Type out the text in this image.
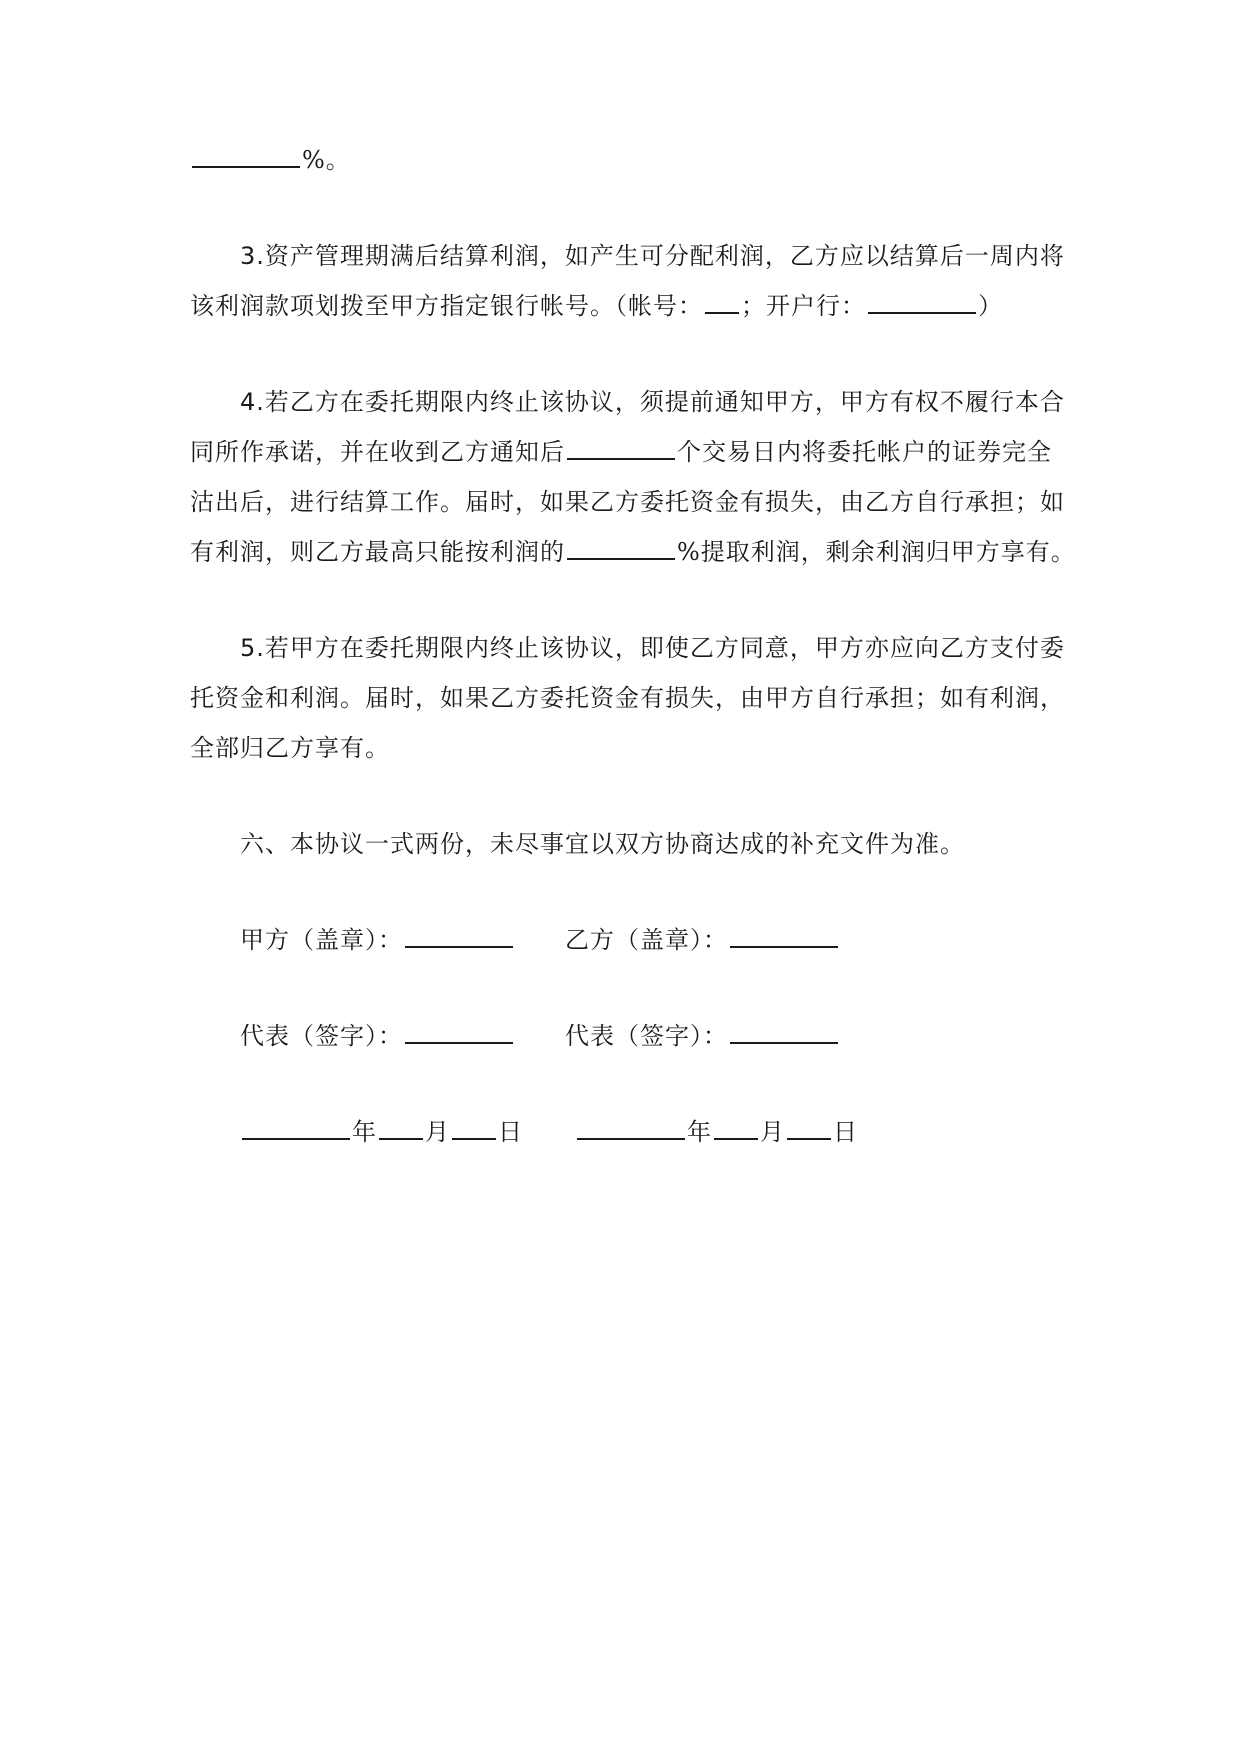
%。
3.资产管理期满后结算利润，如产生可分配利润，乙方应以结算后一周内将
该利润款项划拨至甲方指定银行帐号。（帐号： ；开户行：	）
4.若乙方在委托期限内终止该协议，须提前通知甲方，甲方有权不履行本合
同所作承诺，并在收到乙方通知后	个交易日内将委托帐户的证券完全
沽出后，进行结算工作。届时，如果乙方委托资金有损失，由乙方自行承担；如
有利润，则乙方最高只能按利润的	%提取利润，剩余利润归甲方享有。
5.若甲方在委托期限内终止该协议，即使乙方同意，甲方亦应向乙方支付委
托资金和利润。届时，如果乙方委托资金有损失，由甲方自行承担；如有利润，
全部归乙方享有。
六、本协议一式两份，未尽事宜以双方协商达成的补充文件为准。
甲方（盖章）：	乙方（盖章）：
代表（签字）：	代表（签字）：
年 月 日	年 月 日
